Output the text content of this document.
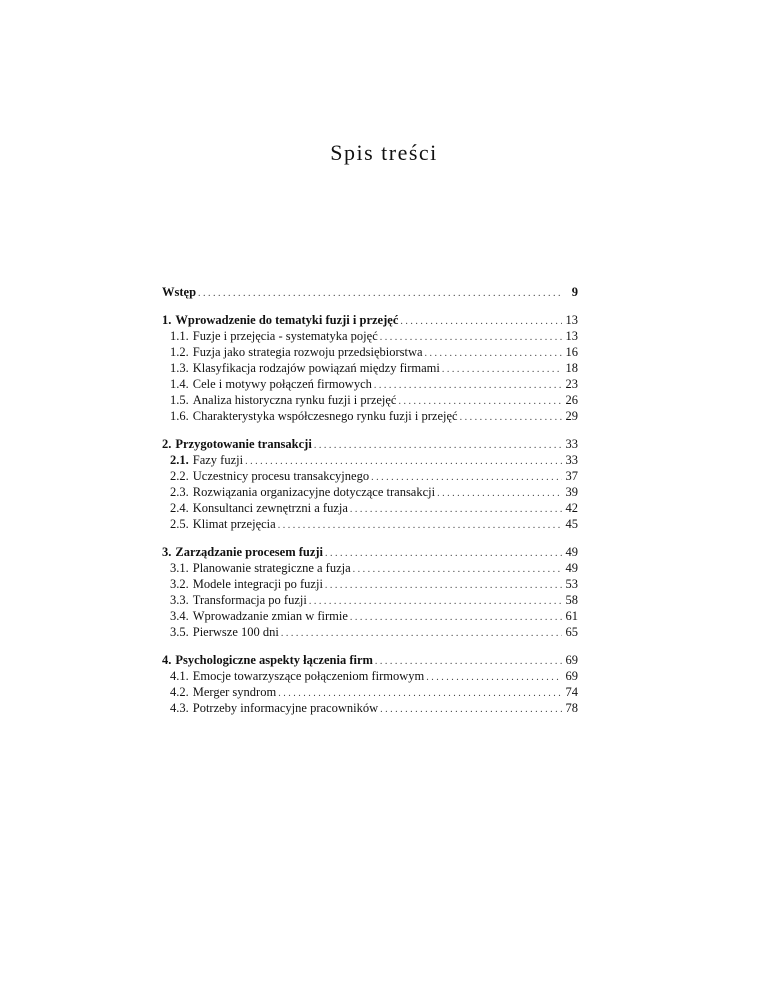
Spis treści
Wstęp . . .	9
1. Wprowadzenie do tematyki fuzji i przejęć . . .	13
1.1. Fuzje i przejęcia - systematyka pojęć . . .	13
1.2. Fuzja jako strategia rozwoju przedsiębiorstwa . . .	16
1.3. Klasyfikacja rodzajów powiązań między firmami . . .	18
1.4. Cele i motywy połączeń firmowych . . .	23
1.5. Analiza historyczna rynku fuzji i przejęć . . .	26
1.6. Charakterystyka współczesnego rynku fuzji i przejęć . . .	29
2. Przygotowanie transakcji . . .	33
2.1. Fazy fuzji . . .	33
2.2. Uczestnicy procesu transakcyjnego . . .	37
2.3. Rozwiązania organizacyjne dotyczące transakcji . . .	39
2.4. Konsultanci zewnętrzni a fuzja . . .	42
2.5. Klimat przejęcia . . .	45
3. Zarządzanie procesem fuzji . . .	49
3.1. Planowanie strategiczne a fuzja . . .	49
3.2. Modele integracji po fuzji . . .	53
3.3. Transformacja po fuzji . . .	58
3.4. Wprowadzanie zmian w firmie . . .	61
3.5. Pierwsze 100 dni . . .	65
4. Psychologiczne aspekty łączenia firm . . .	69
4.1. Emocje towarzyszące połączeniom firmowym . . .	69
4.2. Merger syndrom . . .	74
4.3. Potrzeby informacyjne pracowników . . .	78
